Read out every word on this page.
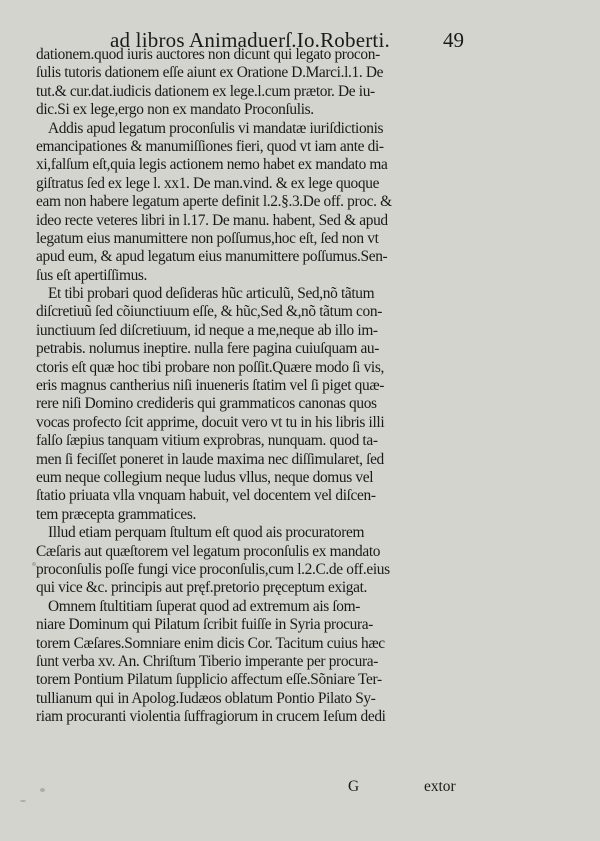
ad libros Animaduerſ.Io.Roberti.	49
dationem.quod iuris auctores non dicunt qui legato procon-
ſulis tutoris dationem eſſe aiunt ex Oratione D.Marci.l.1. De
tut.& cur.dat.iudicis dationem ex lege.l.cum prætor. De iu-
dic.Si ex lege,ergo non ex mandato Proconſulis.
Addis apud legatum proconſulis vi mandatæ iuriſdictionis
emancipationes & manumiſſiones fieri, quod vt iam ante di-
xi,falſum eſt,quia legis actionem nemo habet ex mandato ma
giſtratus ſed ex lege l. xx1. De man.vind. & ex lege quoque
eam non habere legatum aperte definit l.2.§.3.De off. proc. &
ideo recte veteres libri in l.17. De manu. habent, Sed & apud
legatum eius manumittere non poſſumus,hoc eſt, ſed non vt
apud eum, & apud legatum eius manumittere poſſumus.Sen-
ſus eſt apertiſſimus.
Et tibi probari quod deſideras hũc articulũ, Sed,nõ tãtum
diſcretiuũ ſed cõiunctiuum eſſe, & hũc,Sed &,nõ tãtum con-
iunctiuum ſed diſcretiuum, id neque a me,neque ab illo im-
petrabis. nolumus ineptire. nulla fere pagina cuiuſquam au-
ctoris eſt quæ hoc tibi probare non poſſit.Quære modo ſi vis,
eris magnus cantherius niſi inueneris ſtatim vel ſi piget quæ-
rere niſi Domino credideris qui grammaticos canonas quos
vocas profecto ſcit apprime, docuit vero vt tu in his libris illi
falſo ſæpius tanquam vitium exprobras, nunquam. quod ta-
men ſi feciſſet poneret in laude maxima nec diſſimularet, ſed
eum neque collegium neque ludus vllus, neque domus vel
ſtatio priuata vlla vnquam habuit, vel docentem vel diſcen-
tem præcepta grammatices.
Illud etiam perquam ſtultum eſt quod ais procuratorem
Cæſaris aut quæſtorem vel legatum proconſulis ex mandato
proconſulis poſſe fungi vice proconſulis,cum l.2.C.de off.eius
qui vice &c. principis aut pręf.pretorio pręceptum exigat.
Omnem ſtultitiam ſuperat quod ad extremum ais ſom-
niare Dominum qui Pilatum ſcribit fuiſſe in Syria procura-
torem Cæſares.Somniare enim dicis Cor. Tacitum cuius hæc
ſunt verba xv. An. Chriſtum Tiberio imperante per procura-
torem Pontium Pilatum ſupplicio affectum eſſe.Sõniare Ter-
tullianum qui in Apolog.Iudæos oblatum Pontio Pilato Sy-
riam procuranti violentia ſuffragiorum in crucem Ieſum dedi
G	extor
